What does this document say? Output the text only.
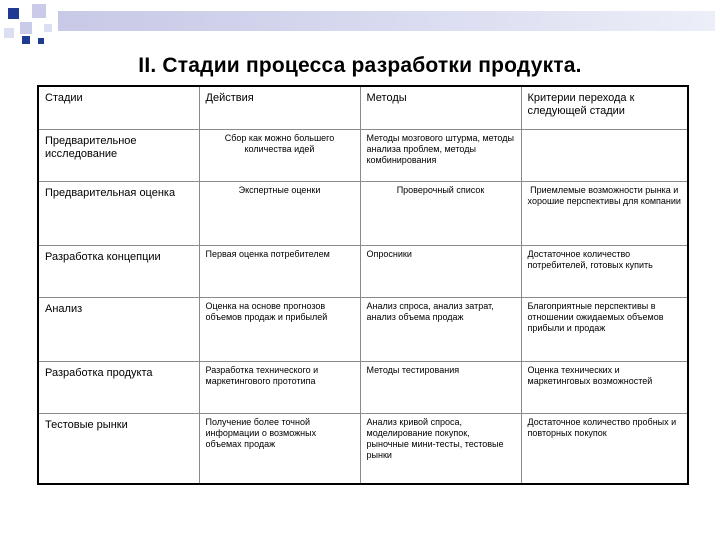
II. Стадии процесса разработки продукта.
Стадии	Действия	Методы	Критерии перехода к следующей стадии
Предварительное исследование	Сбор как можно большего количества идей	Методы мозгового штурма, методы анализа проблем, методы комбинирования	
Предварительная оценка	Экспертные оценки	Проверочный список	Приемлемые возможности рынка и хорошие перспективы для компании
Разработка концепции	Первая оценка потребителем	Опросники	Достаточное количество потребителей, готовых купить
Анализ	Оценка на основе прогнозов объемов продаж и прибылей	Анализ спроса, анализ затрат, анализ объема продаж	Благоприятные перспективы в отношении ожидаемых объемов прибыли и продаж
Разработка продукта	Разработка технического и маркетингового прототипа	Методы тестирования	Оценка технических и маркетинговых возможностей
Тестовые рынки	Получение более точной информации о возможных объемах продаж	Анализ кривой спроса, моделирование покупок, рыночные мини-тесты, тестовые рынки	Достаточное количество пробных и повторных покупок
